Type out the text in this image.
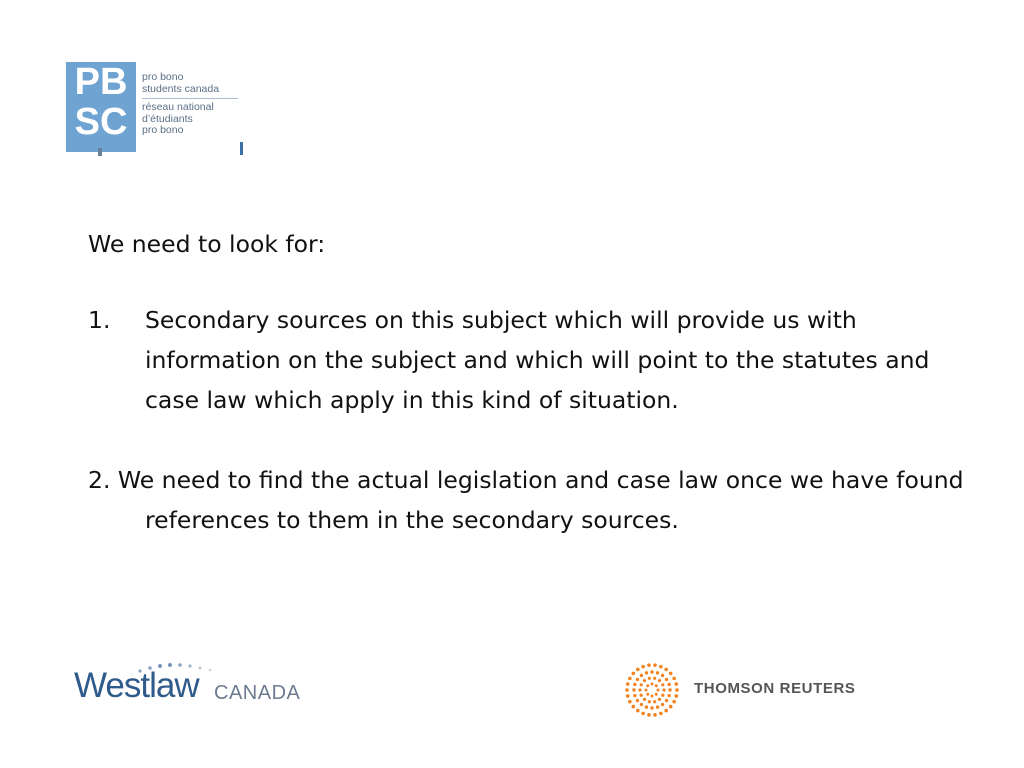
PB
SC
pro bono
students canada
réseau national
d’étudiants
pro bono

We need to look for:

1. Secondary sources on this subject which will provide us with information on the subject and which will point to the statutes and case law which apply in this kind of situation.

2. We need to find the actual legislation and case law once we have found references to them in the secondary sources.

Westlaw CANADA	THOMSON REUTERS
